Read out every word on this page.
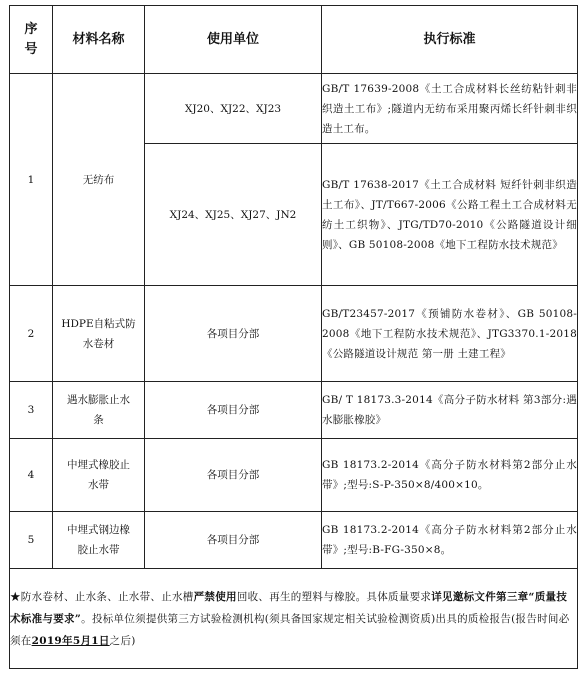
序号	材料名称	使用单位	执行标准
1	无纺布	XJ20、XJ22、XJ23	GB/T 17639-2008《土工合成材料长丝纺粘针刺非织造土工布》;隧道内无纺布采用聚丙烯长纤针刺非织造土工布。
		XJ24、XJ25、XJ27、JN2	GB/T 17638-2017《土工合成材料 短纤针刺非织造土工布》、JT/T667-2006《公路工程土工合成材料无纺土工织物》、JTG/TD70-2010《公路隧道设计细则》、GB 50108-2008《地下工程防水技术规范》
2	HDPE自粘式防水卷材	各项目分部	GB/T23457-2017《预铺防水卷材》、GB 50108-2008《地下工程防水技术规范》、JTG3370.1-2018《公路隧道设计规范 第一册 土建工程》
3	遇水膨胀止水条	各项目分部	GB/ T 18173.3-2014《高分子防水材料 第3部分:遇水膨胀橡胶》
4	中埋式橡胶止水带	各项目分部	GB 18173.2-2014《高分子防水材料第2部分止水带》;型号:S-P-350×8/400×10。
5	中埋式钢边橡胶止水带	各项目分部	GB 18173.2-2014《高分子防水材料第2部分止水带》;型号:B-FG-350×8。
★防水卷材、止水条、止水带、止水槽严禁使用回收、再生的塑料与橡胶。具体质量要求详见邀标文件第三章“质量技术标准与要求”。投标单位须提供第三方试验检测机构(须具备国家规定相关试验检测资质)出具的质检报告(报告时间必须在2019年5月1日之后)			
